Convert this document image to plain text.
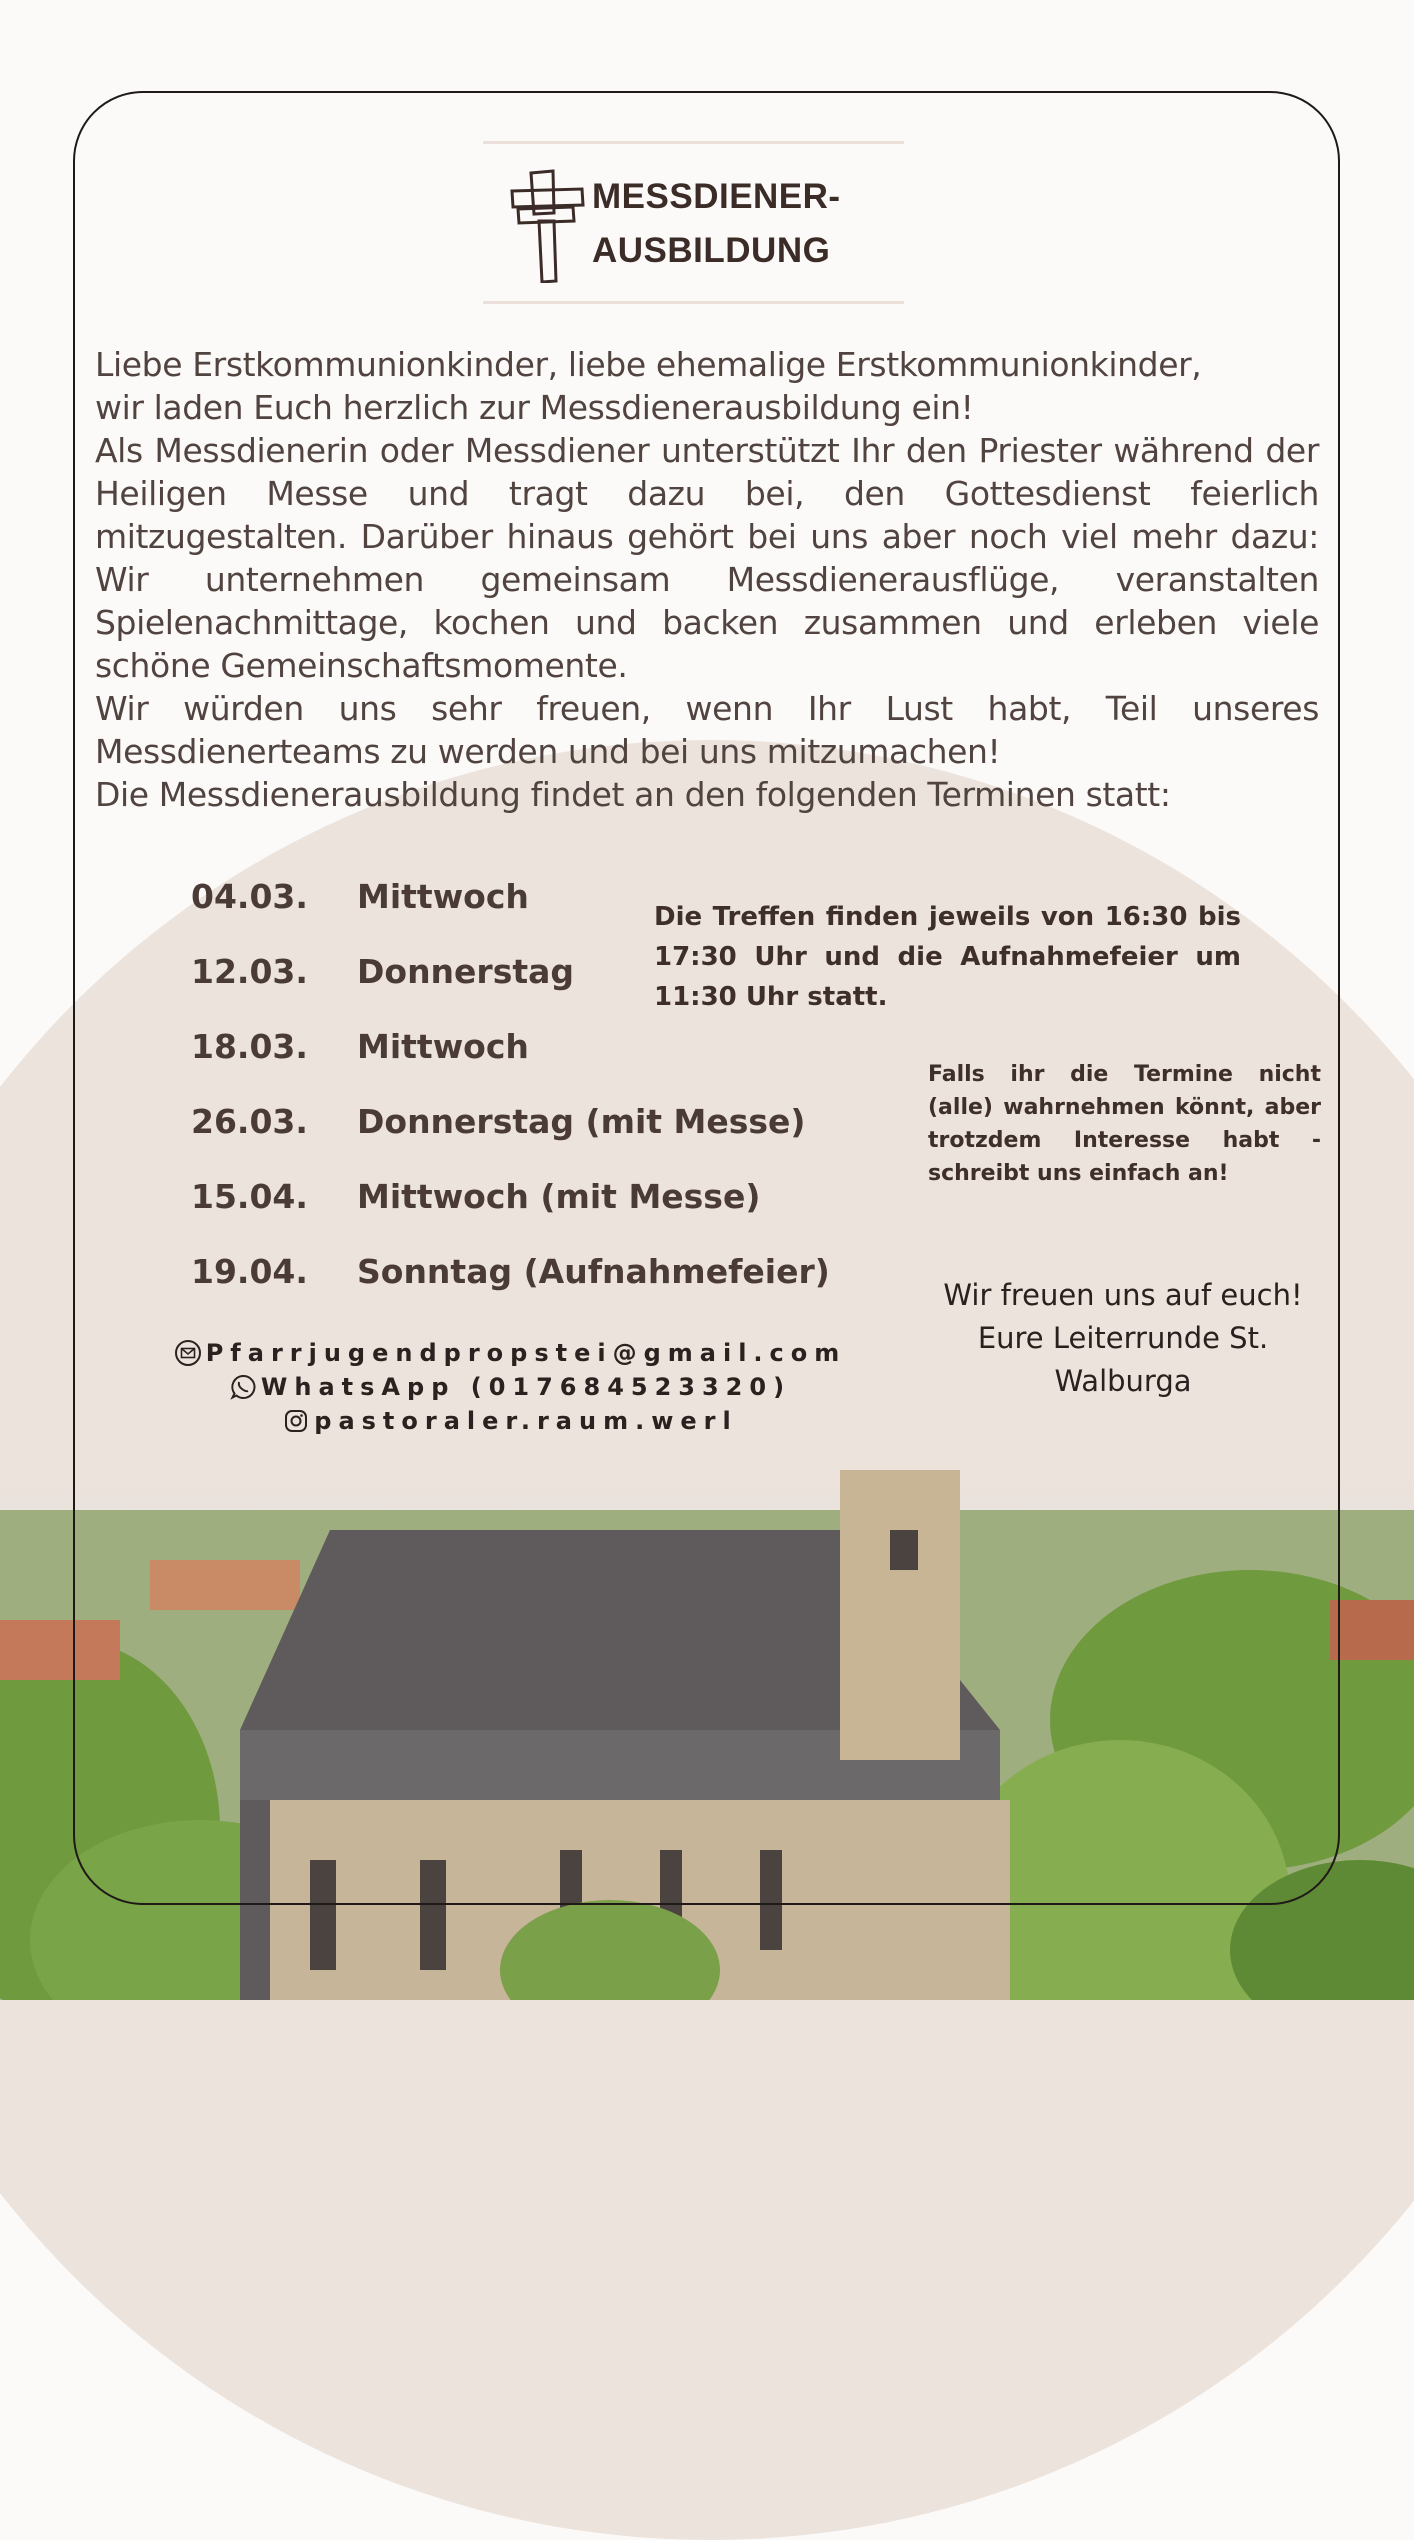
MESSDIENER-
AUSBILDUNG

Liebe Erstkommunionkinder, liebe ehemalige Erstkommunionkinder,

wir laden Euch herzlich zur Messdienerausbildung ein!

Als Messdienerin oder Messdiener unterstützt Ihr den Priester während der Heiligen Messe und tragt dazu bei, den Gottesdienst feierlich mitzugestalten. Darüber hinaus gehört bei uns aber noch viel mehr dazu: Wir unternehmen gemeinsam Messdienerausflüge, veranstalten Spielenachmittage, kochen und backen zusammen und erleben viele schöne Gemeinschaftsmomente.

Wir würden uns sehr freuen, wenn Ihr Lust habt, Teil unseres Messdienerteams zu werden und bei uns mitzumachen!

Die Messdienerausbildung findet an den folgenden Terminen statt:

04.03. Mittwoch
12.03. Donnerstag
18.03. Mittwoch
26.03. Donnerstag (mit Messe)
15.04. Mittwoch (mit Messe)
19.04. Sonntag (Aufnahmefeier)
Die Treffen finden jeweils von 16:30 bis 17:30 Uhr und die Aufnahmefeier um 11:30 Uhr statt.
Falls ihr die Termine nicht (alle) wahrnehmen könnt, aber trotzdem Interesse habt - schreibt uns einfach an!
Wir freuen uns auf euch!
Eure Leiterrunde St.
Walburga
Pfarrjugendpropstei@gmail.com
WhatsApp (017684523320)
pastoraler.raum.werl
